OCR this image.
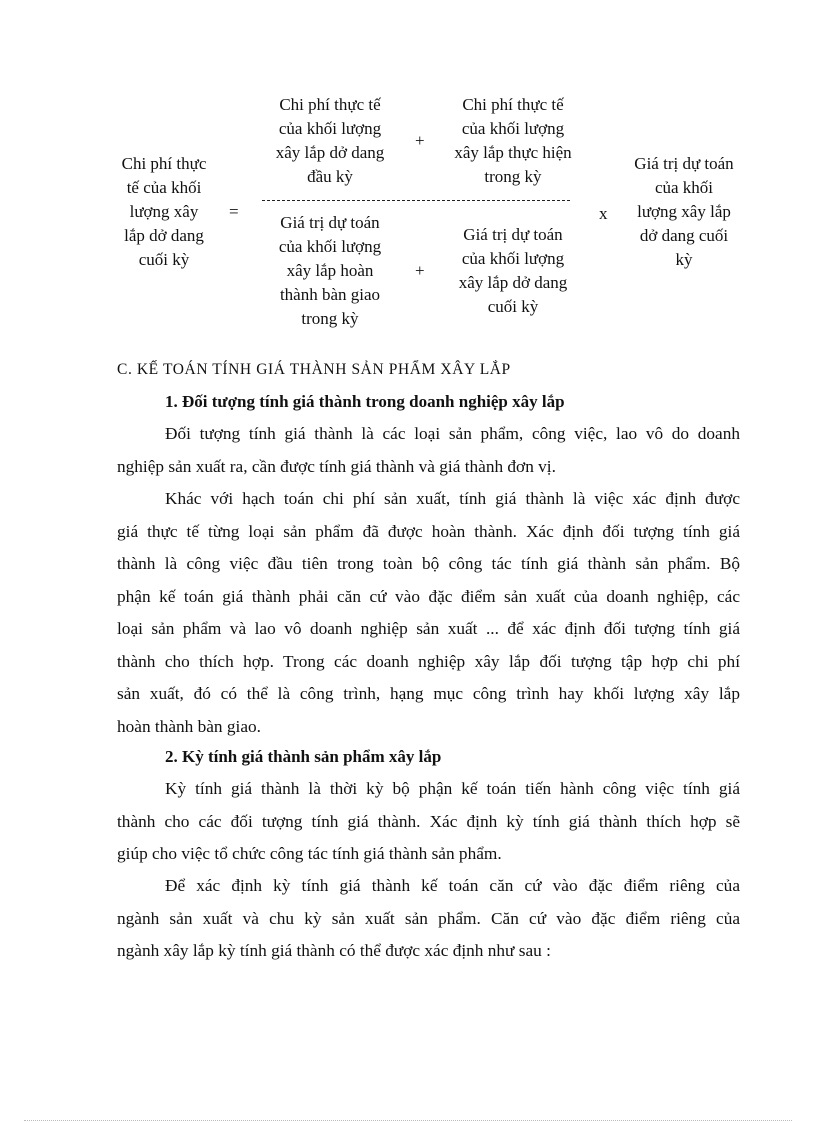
Chi phí thực
tế của khối
lượng xây
lắp dở dang
cuối kỳ
=
Chi phí thực tế
của khối lượng
xây lắp dở dang
đầu kỳ
+
Chi phí thực tế
của khối lượng
xây lắp thực hiện
trong kỳ
Giá trị dự toán
của khối lượng
xây lắp hoàn
thành bàn giao
trong kỳ
+
Giá trị dự toán
của khối lượng
xây lắp dở dang
cuối kỳ
x
Giá trị dự toán
của khối
lượng xây lắp
dở dang cuối
kỳ
C. KẾ TOÁN TÍNH GIÁ THÀNH SẢN PHẨM XÂY LẮP
1. Đối tượng tính giá thành trong doanh nghiệp xây lắp
Đối tượng tính giá thành là các loại sản phẩm, công việc, lao vô do doanh
nghiệp sản xuất ra, cần được tính giá thành và giá thành đơn vị.
Khác với hạch toán chi phí sản xuất, tính giá thành là việc xác định được
giá thực tế từng loại sản phẩm đã được hoàn thành. Xác định đối tượng tính giá
thành là công việc đầu tiên trong toàn bộ công tác tính giá thành sản phẩm. Bộ
phận kế toán giá thành phải căn cứ vào đặc điểm sản xuất của doanh nghiệp, các
loại sản phẩm và lao vô doanh nghiệp sản xuất ... để xác định đối tượng tính giá
thành cho thích hợp. Trong các doanh nghiệp xây lắp đối tượng tập hợp chi phí
sản xuất, đó có thể là công trình, hạng mục công trình hay khối lượng xây lắp
hoàn thành bàn giao.
2. Kỳ tính giá thành sản phẩm xây lắp
Kỳ tính giá thành là thời kỳ bộ phận kế toán tiến hành công việc tính giá
thành cho các đối tượng tính giá thành. Xác định kỳ tính giá thành thích hợp sẽ
giúp cho việc tổ chức công tác tính giá thành sản phẩm.
Để xác định kỳ tính giá thành kế toán căn cứ vào đặc điểm riêng của
ngành sản xuất và chu kỳ sản xuất sản phẩm. Căn cứ vào đặc điểm riêng của
ngành xây lắp kỳ tính giá thành có thể được xác định như sau :
